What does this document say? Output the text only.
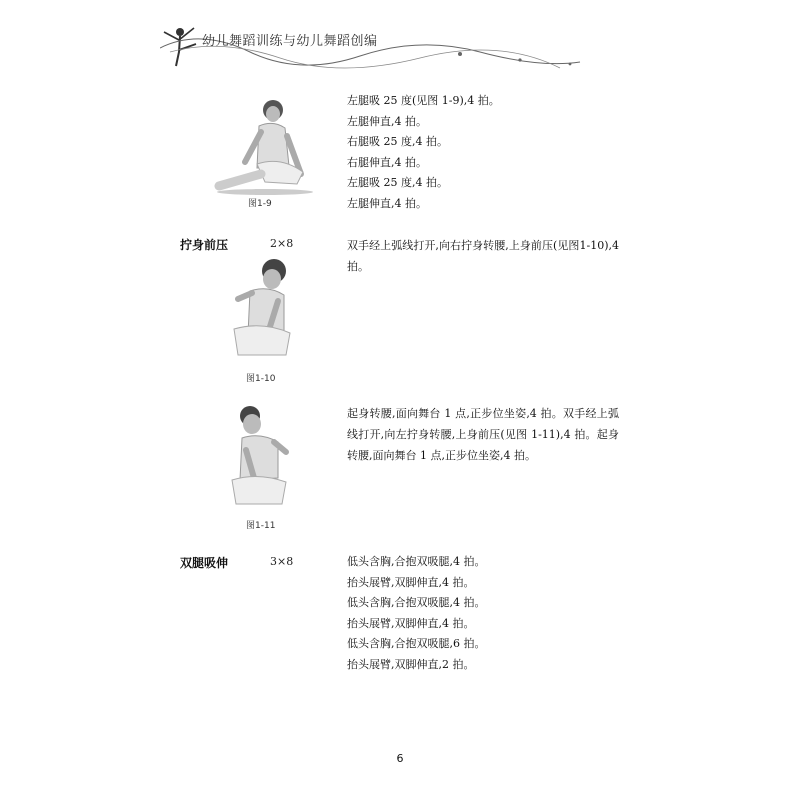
幼儿舞蹈训练与幼儿舞蹈创编
图1-9
左腿吸 25 度(见图 1-9),4 拍。
左腿伸直,4 拍。
右腿吸 25 度,4 拍。
右腿伸直,4 拍。
左腿吸 25 度,4 拍。
左腿伸直,4 拍。
拧身前压	2×8	双手经上弧线打开,向右拧身转腰,上身前压(见图1-10),4 拍。
图1-10
图1-11
起身转腰,面向舞台 1 点,正步位坐姿,4 拍。双手经上弧线打开,向左拧身转腰,上身前压(见图 1-11),4 拍。起身转腰,面向舞台 1 点,正步位坐姿,4 拍。
双腿吸伸	3×8	低头含胸,合抱双吸腿,4 拍。
抬头展臂,双脚伸直,4 拍。
低头含胸,合抱双吸腿,4 拍。
抬头展臂,双脚伸直,4 拍。
低头含胸,合抱双吸腿,6 拍。
抬头展臂,双脚伸直,2 拍。
6
